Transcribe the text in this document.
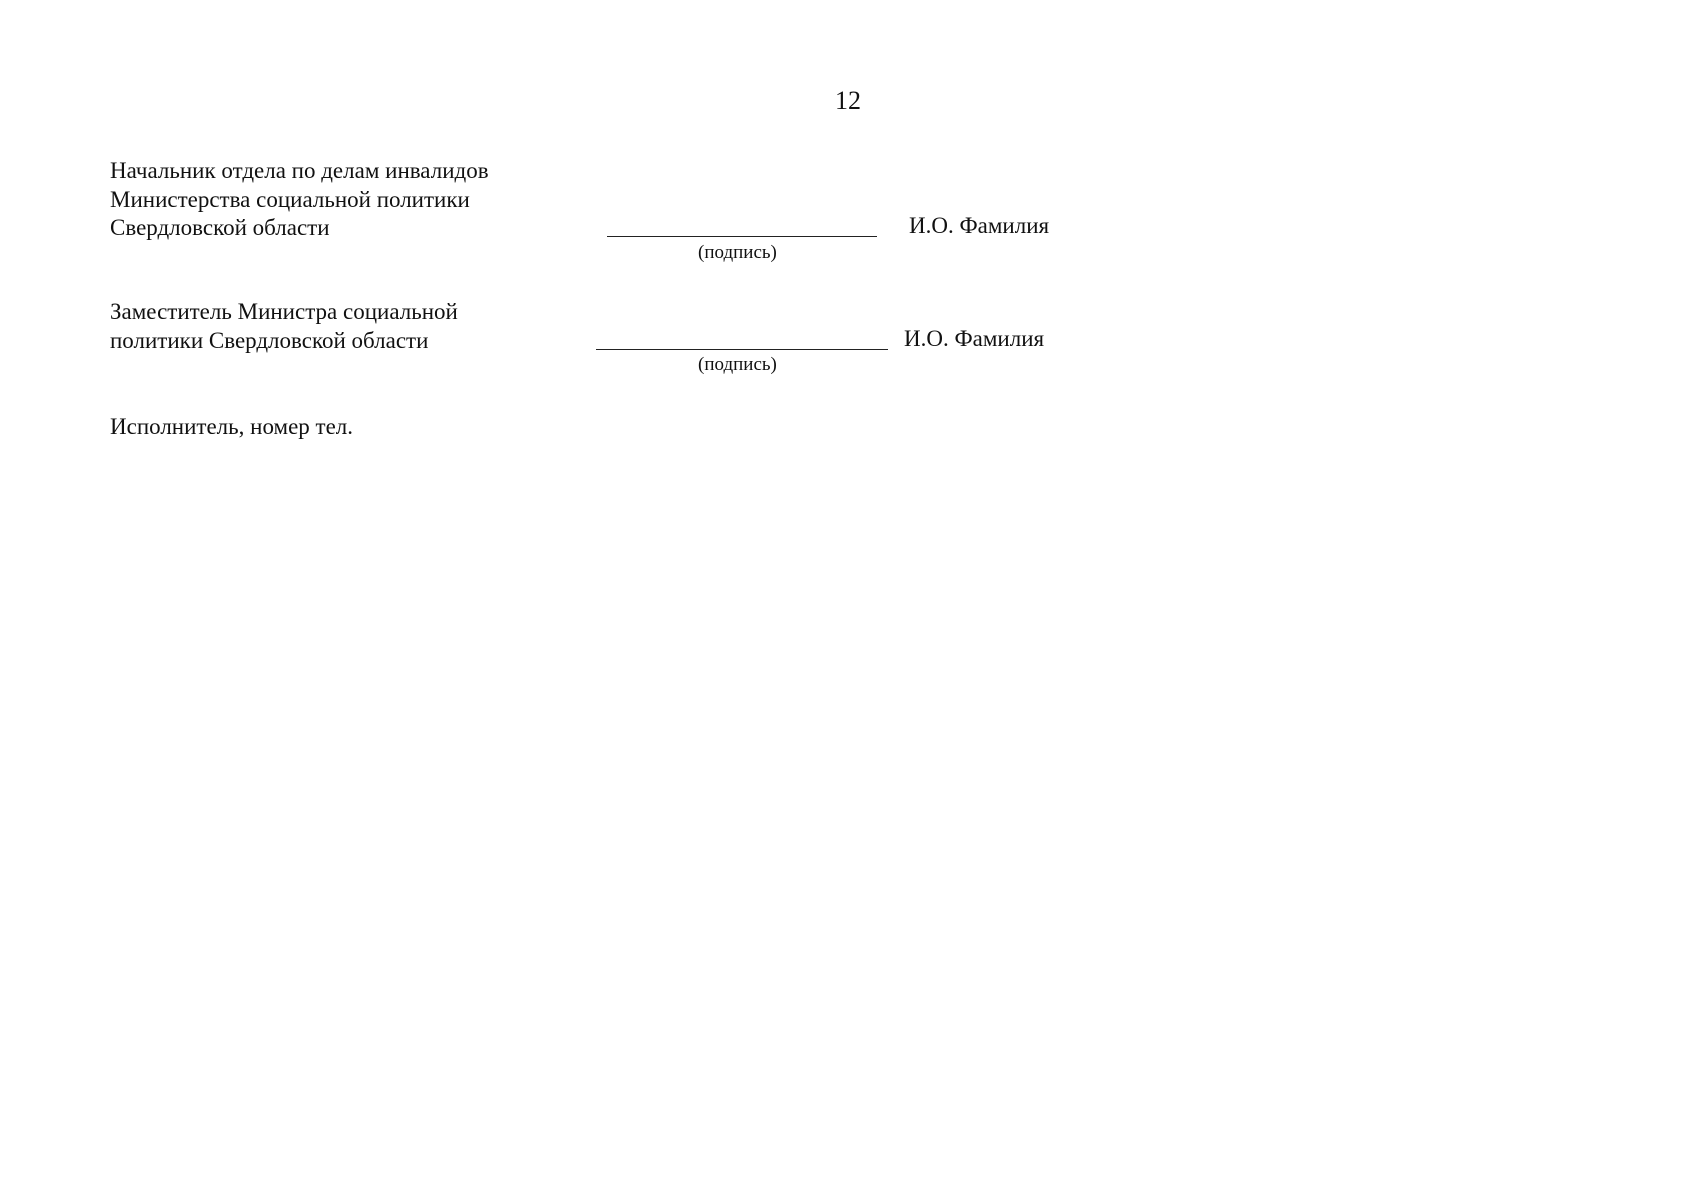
12
Начальник отдела по делам инвалидов
Министерства социальной политики
Свердловской области
(подпись)
И.О. Фамилия
Заместитель Министра социальной
политики Свердловской области
(подпись)
И.О. Фамилия
Исполнитель, номер тел.
